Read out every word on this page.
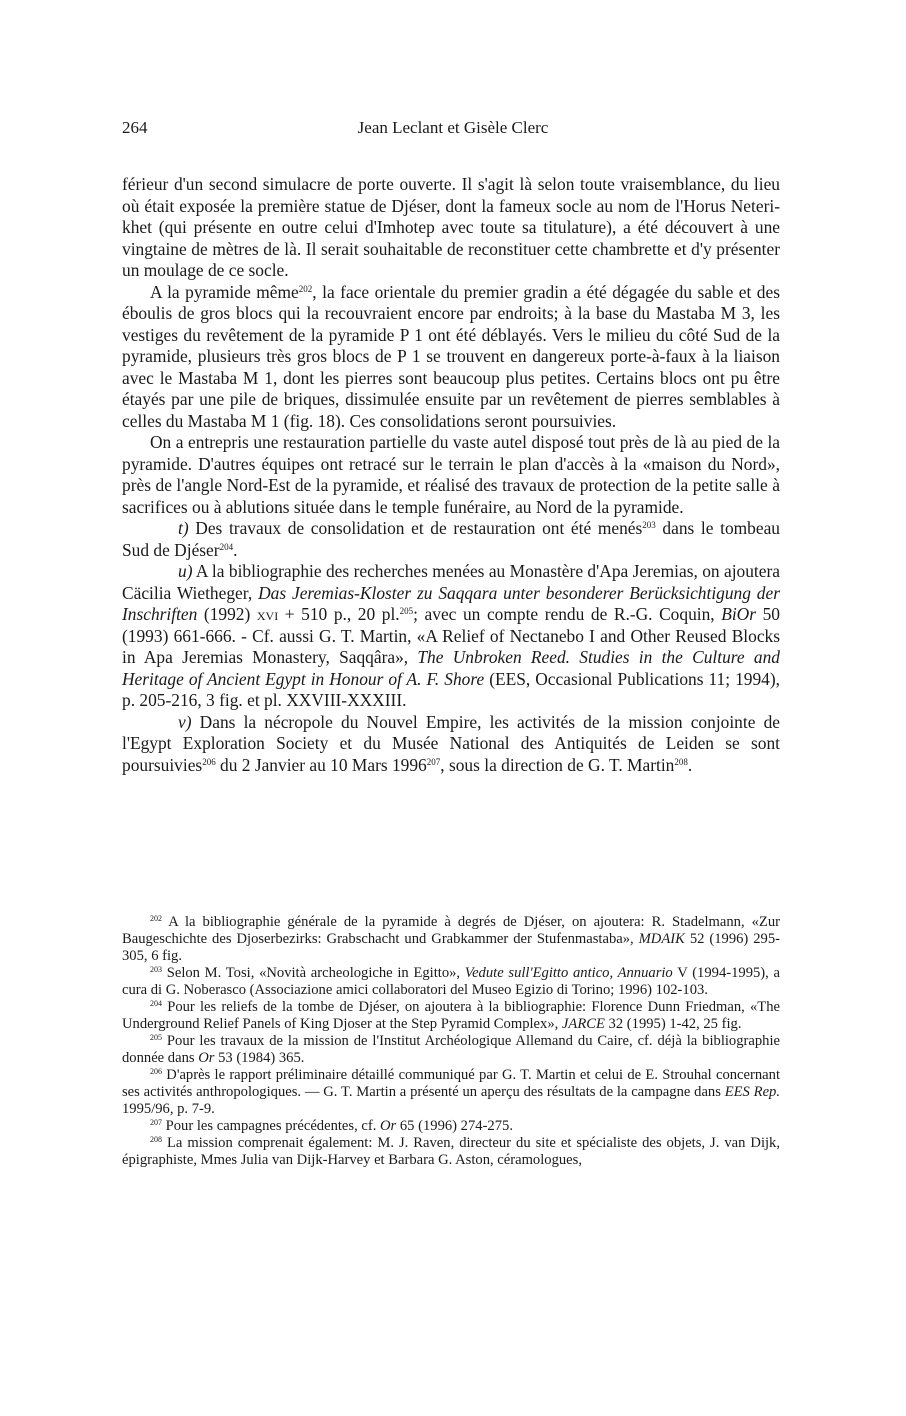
264	Jean Leclant et Gisèle Clerc

férieur d'un second simulacre de porte ouverte. Il s'agit là selon toute vraisemblance, du lieu où était exposée la première statue de Djéser, dont la fameux socle au nom de l'Horus Neteri-khet (qui présente en outre celui d'Imhotep avec toute sa titulature), a été découvert à une vingtaine de mètres de là. Il serait souhaitable de reconstituer cette chambrette et d'y présenter un moulage de ce socle.

A la pyramide même$^{202}$, la face orientale du premier gradin a été dégagée du sable et des éboulis de gros blocs qui la recouvraient encore par endroits; à la base du Mastaba M 3, les vestiges du revêtement de la pyramide P 1 ont été déblayés. Vers le milieu du côté Sud de la pyramide, plusieurs très gros blocs de P 1 se trouvent en dangereux porte-à-faux à la liaison avec le Mastaba M 1, dont les pierres sont beaucoup plus petites. Certains blocs ont pu être étayés par une pile de briques, dissimulée ensuite par un revêtement de pierres semblables à celles du Mastaba M 1 (fig. 18). Ces consolidations seront poursuivies.

On a entrepris une restauration partielle du vaste autel disposé tout près de là au pied de la pyramide. D'autres équipes ont retracé sur le terrain le plan d'accès à la «maison du Nord», près de l'angle Nord-Est de la pyramide, et réalisé des travaux de protection de la petite salle à sacrifices ou à ablutions située dans le temple funéraire, au Nord de la pyramide.

t) Des travaux de consolidation et de restauration ont été menés$^{203}$ dans le tombeau Sud de Djéser$^{204}$.

u) A la bibliographie des recherches menées au Monastère d'Apa Jeremias, on ajoutera Cäcilia Wietheger, Das Jeremias-Kloster zu Saqqara unter besonderer Berücksichtigung der Inschriften (1992) xvi + 510 p., 20 pl.$^{205}$; avec un compte rendu de R.-G. Coquin, BiOr 50 (1993) 661-666. - Cf. aussi G. T. Martin, «A Relief of Nectanebo I and Other Reused Blocks in Apa Jeremias Monastery, Saqqâra», The Unbroken Reed. Studies in the Culture and Heritage of Ancient Egypt in Honour of A. F. Shore (EES, Occasional Publications 11; 1994), p. 205-216, 3 fig. et pl. XXVIII-XXXIII.

v) Dans la nécropole du Nouvel Empire, les activités de la mission conjointe de l'Egypt Exploration Society et du Musée National des Antiquités de Leiden se sont poursuivies$^{206}$ du 2 Janvier au 10 Mars 1996$^{207}$, sous la direction de G. T. Martin$^{208}$.

$^{202}$ A la bibliographie générale de la pyramide à degrés de Djéser, on ajoutera: R. Stadelmann, «Zur Baugeschichte des Djoserbezirks: Grabschacht und Grabkammer der Stufenmastaba», MDAIK 52 (1996) 295-305, 6 fig.

$^{203}$ Selon M. Tosi, «Novità archeologiche in Egitto», Vedute sull'Egitto antico, Annuario V (1994-1995), a cura di G. Noberasco (Associazione amici collaboratori del Museo Egizio di Torino; 1996) 102-103.

$^{204}$ Pour les reliefs de la tombe de Djéser, on ajoutera à la bibliographie: Florence Dunn Friedman, «The Underground Relief Panels of King Djoser at the Step Pyramid Complex», JARCE 32 (1995) 1-42, 25 fig.

$^{205}$ Pour les travaux de la mission de l'Institut Archéologique Allemand du Caire, cf. déjà la bibliographie donnée dans Or 53 (1984) 365.

$^{206}$ D'après le rapport préliminaire détaillé communiqué par G. T. Martin et celui de E. Strouhal concernant ses activités anthropologiques. — G. T. Martin a présenté un aperçu des résultats de la campagne dans EES Rep. 1995/96, p. 7-9.

$^{207}$ Pour les campagnes précédentes, cf. Or 65 (1996) 274-275.

$^{208}$ La mission comprenait également: M. J. Raven, directeur du site et spécialiste des objets, J. van Dijk, épigraphiste, Mmes Julia van Dijk-Harvey et Barbara G. Aston, céramologues,
